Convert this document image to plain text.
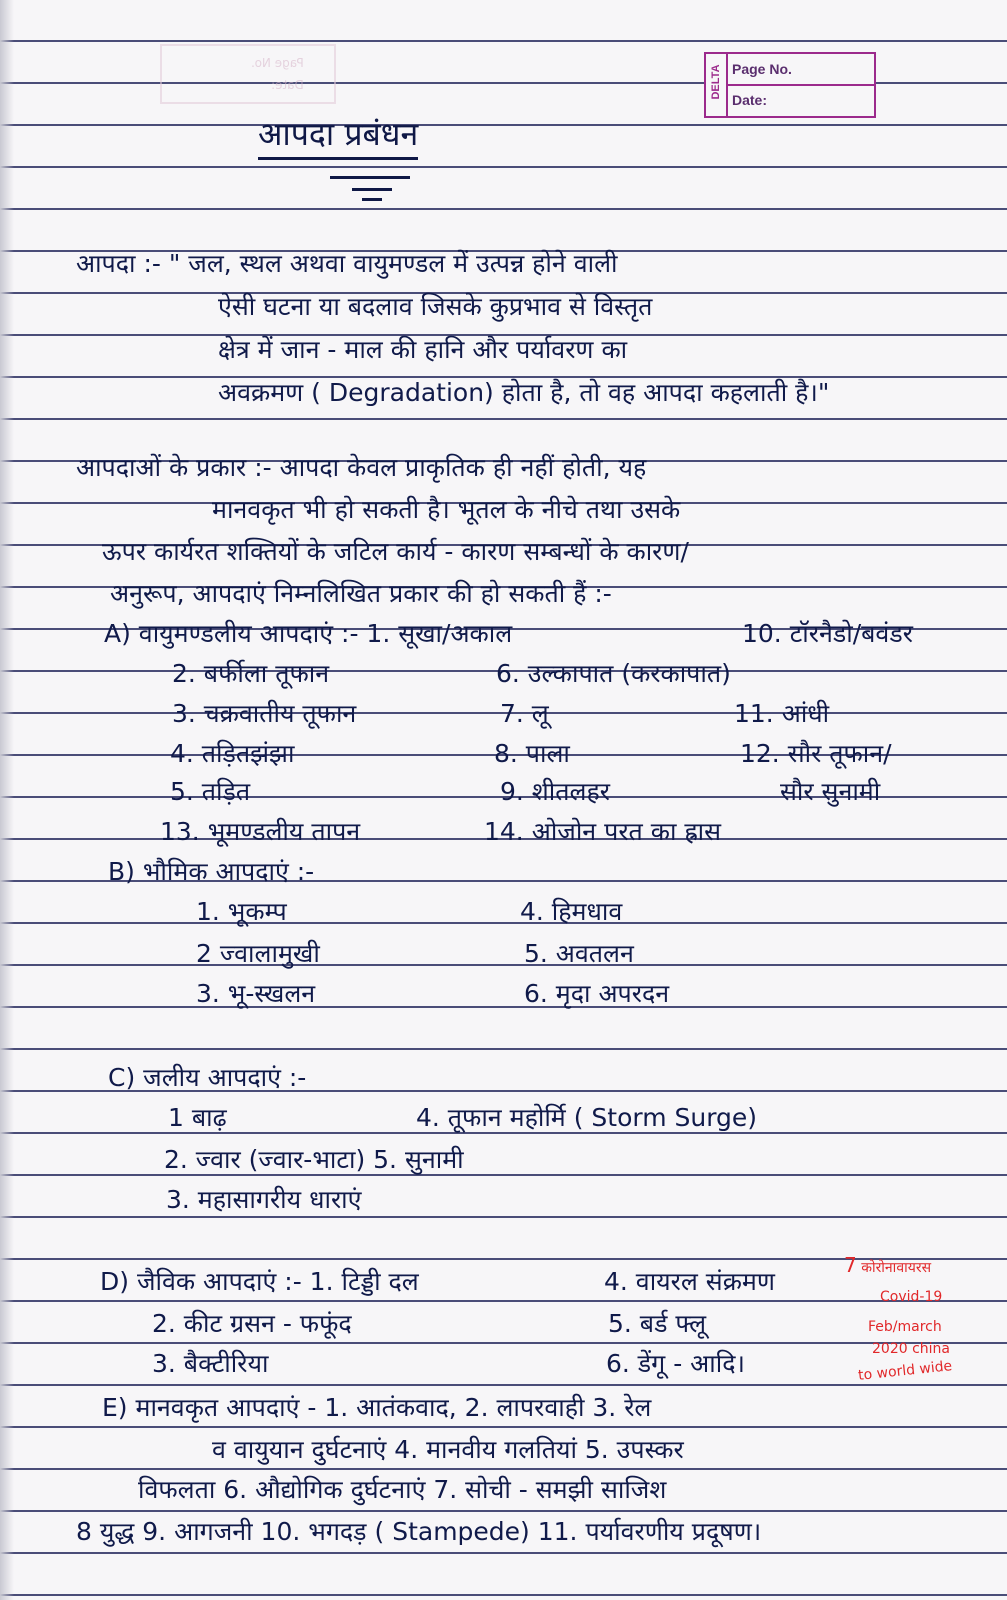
Page No.
Date:	DELTA Page No.
Date:
आपदा प्रबंधन
आपदा :- " जल, स्थल अथवा वायुमण्डल में उत्पन्न होने वाली
ऐसी घटना या बदलाव जिसके कुप्रभाव से विस्तृत
क्षेत्र में जान - माल की हानि और पर्यावरण का
अवक्रमण ( Degradation) होता है, तो वह आपदा कहलाती है।"
आपदाओं के प्रकार :- आपदा केवल प्राकृतिक ही नहीं होती, यह
मानवकृत भी हो सकती है। भूतल के नीचे तथा उसके
ऊपर कार्यरत शक्तियों के जटिल कार्य - कारण सम्बन्धों के कारण/
अनुरूप, आपदाएं निम्नलिखित प्रकार की हो सकती हैं :-
A) वायुमण्डलीय आपदाएं :- 1. सूखा/अकाल	10. टॉरनैडो/बवंडर
2. बर्फीला तूफान	6. उल्कापात (करकापात)
3. चक्रवातीय तूफान	7. लू	11. आंधी
4. तड़ितझंझा	8. पाला	12. सौर तूफान/
5. तड़ित	9. शीतलहर	सौर सुनामी
13. भूमण्डलीय तापन	14. ओजोन परत का ह्रास
B) भौमिक आपदाएं :-
1. भूकम्प	4. हिमधाव
2 ज्वालामुखी	5. अवतलन
3. भू-स्खलन	6. मृदा अपरदन
C) जलीय आपदाएं :-
1 बाढ़	4. तूफान महोर्मि ( Storm Surge)
2. ज्वार (ज्वार-भाटा) 5. सुनामी
3. महासागरीय धाराएं
D) जैविक आपदाएं :- 1. टिड्डी दल	4. वायरल संक्रमण
2. कीट ग्रसन - फफूंद	5. बर्ड फ्लू
3. बैक्टीरिया	6. डेंगू - आदि।
7 कोरोनावायरस
Covid-19
Feb/march
2020 china
to world wide
E) मानवकृत आपदाएं - 1. आतंकवाद, 2. लापरवाही 3. रेल
व वायुयान दुर्घटनाएं 4. मानवीय गलतियां 5. उपस्कर
विफलता 6. औद्योगिक दुर्घटनाएं 7. सोची - समझी साजिश
8 युद्ध 9. आगजनी 10. भगदड़ ( Stampede) 11. पर्यावरणीय प्रदूषण।
